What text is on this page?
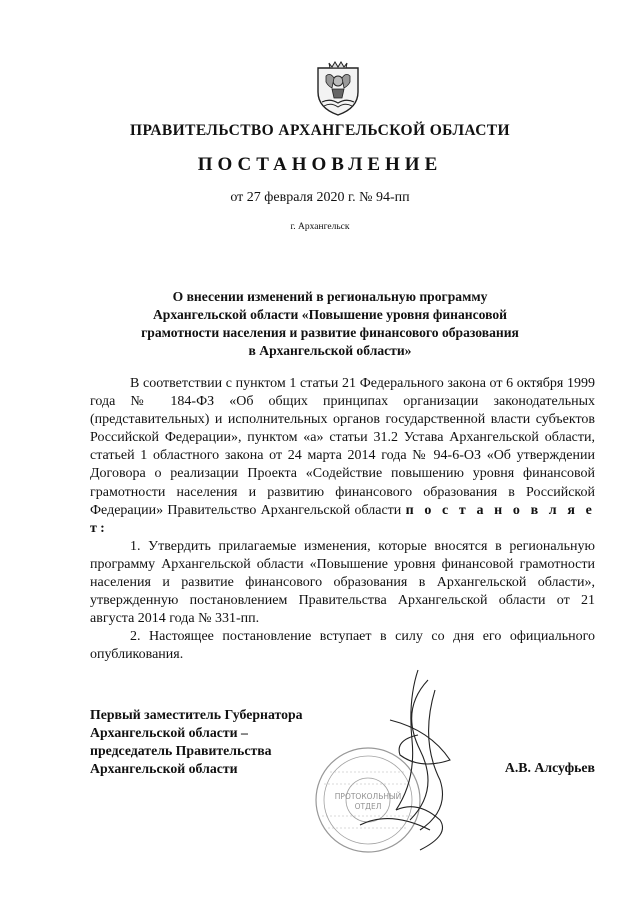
ПРАВИТЕЛЬСТВО АРХАНГЕЛЬСКОЙ ОБЛАСТИ
ПОСТАНОВЛЕНИЕ
от 27 февраля 2020 г. № 94-пп
г. Архангельск
О внесении изменений в региональную программу
Архангельской области «Повышение уровня финансовой
грамотности населения и развитие финансового образования
в Архангельской области»

В соответствии с пунктом 1 статьи 21 Федерального закона от 6 октября 1999 года № 184-ФЗ «Об общих принципах организации законодательных (представительных) и исполнительных органов государственной власти субъектов Российской Федерации», пунктом «а» статьи 31.2 Устава Архангельской области, статьей 1 областного закона от 24 марта 2014 года № 94-6-ОЗ «Об утверждении Договора о реализации Проекта «Содействие повышению уровня финансовой грамотности населения и развитию финансового образования в Российской Федерации» Правительство Архангельской области п о с т а н о в л я е т:

1. Утвердить прилагаемые изменения, которые вносятся в региональную программу Архангельской области «Повышение уровня финансовой грамотности населения и развитие финансового образования в Архангельской области», утвержденную постановлением Правительства Архангельской области от 21 августа 2014 года № 331-пп.

2. Настоящее постановление вступает в силу со дня его официального опубликования.

ПРОТОКОЛЬНЫЙ
ОТДЕЛ
Первый заместитель Губернатора
Архангельской области –
председатель Правительства
Архангельской области	А.В. Алсуфьев
